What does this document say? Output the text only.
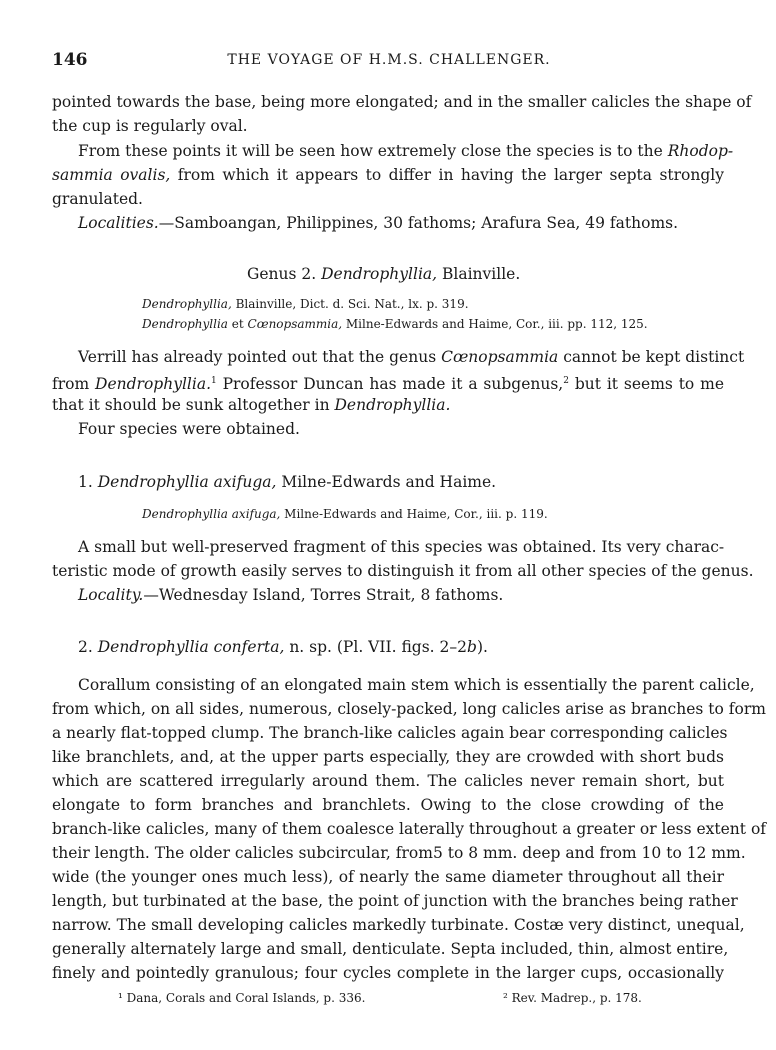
146	THE VOYAGE OF H.M.S. CHALLENGER.
pointed towards the base, being more elongated; and in the smaller calicles the shape of
the cup is regularly oval.
From these points it will be seen how extremely close the species is to the Rhodop-
sammia ovalis, from which it appears to differ in having the larger septa strongly
granulated.
Localities.—Samboangan, Philippines, 30 fathoms; Arafura Sea, 49 fathoms.
Genus 2. Dendrophyllia, Blainville.
Dendrophyllia, Blainville, Dict. d. Sci. Nat., lx. p. 319.
Dendrophyllia et Cœnopsammia, Milne-Edwards and Haime, Cor., iii. pp. 112, 125.
Verrill has already pointed out that the genus Cœnopsammia cannot be kept distinct
from Dendrophyllia.$^1$ Professor Duncan has made it a subgenus,$^2$ but it seems to me
that it should be sunk altogether in Dendrophyllia.
Four species were obtained.
1. Dendrophyllia axifuga, Milne-Edwards and Haime.
Dendrophyllia axifuga, Milne-Edwards and Haime, Cor., iii. p. 119.
A small but well-preserved fragment of this species was obtained. Its very charac-
teristic mode of growth easily serves to distinguish it from all other species of the genus.
Locality.—Wednesday Island, Torres Strait, 8 fathoms.
2. Dendrophyllia conferta, n. sp. (Pl. VII. figs. 2–2b).
Corallum consisting of an elongated main stem which is essentially the parent calicle,
from which, on all sides, numerous, closely-packed, long calicles arise as branches to form
a nearly flat-topped clump. The branch-like calicles again bear corresponding calicles
like branchlets, and, at the upper parts especially, they are crowded with short buds
which are scattered irregularly around them. The calicles never remain short, but
elongate to form branches and branchlets. Owing to the close crowding of the
branch-like calicles, many of them coalesce laterally throughout a greater or less extent of
their length. The older calicles subcircular, from5 to 8 mm. deep and from 10 to 12 mm.
wide (the younger ones much less), of nearly the same diameter throughout all their
length, but turbinated at the base, the point of junction with the branches being rather
narrow. The small developing calicles markedly turbinate. Costæ very distinct, unequal,
generally alternately large and small, denticulate. Septa included, thin, almost entire,
finely and pointedly granulous; four cycles complete in the larger cups, occasionally
¹ Dana, Corals and Coral Islands, p. 336.	² Rev. Madrep., p. 178.
